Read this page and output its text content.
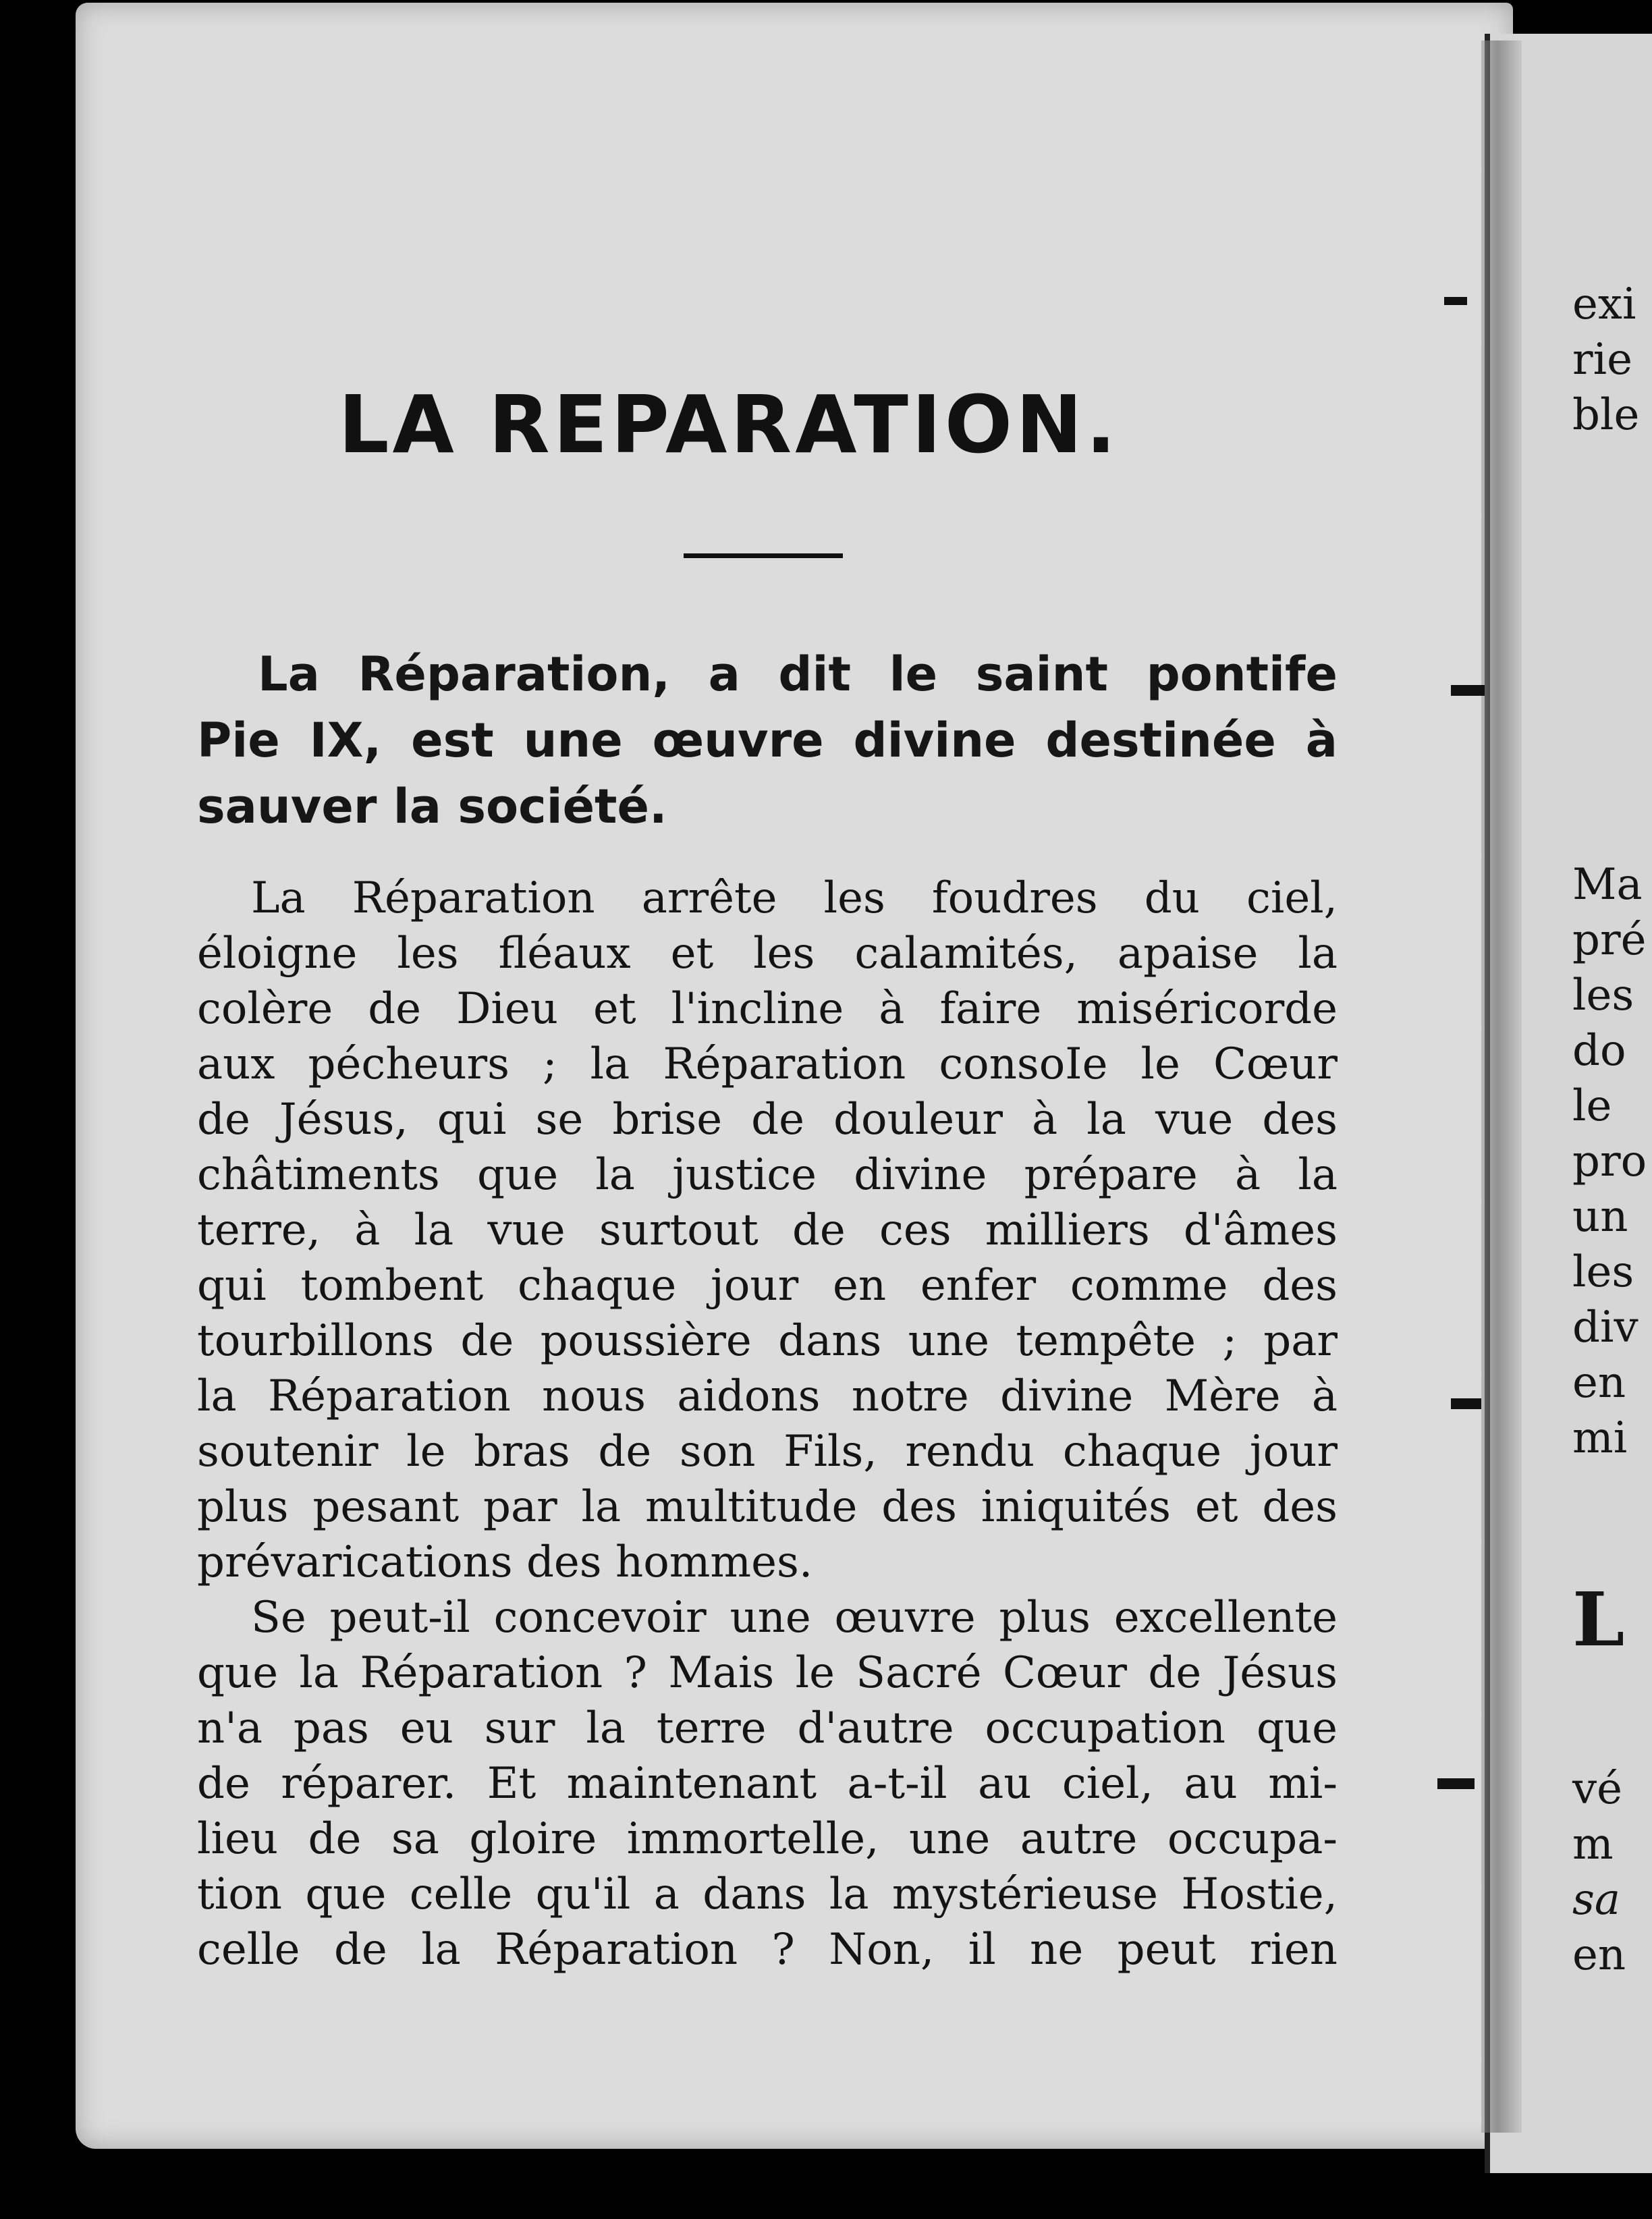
LA REPARATION.

La Réparation, a dit le saint pontife
Pie IX, est une œuvre divine destinée à
sauver la société.

La Réparation arrête les foudres du ciel,
éloigne les fléaux et les calamités, apaise la
colère de Dieu et l'incline à faire miséricorde
aux pécheurs ; la Réparation consoIe le Cœur
de Jésus, qui se brise de douleur à la vue des
châtiments que la justice divine prépare à la
terre, à la vue surtout de ces milliers d'âmes
qui tombent chaque jour en enfer comme des
tourbillons de poussière dans une tempête ; par
la Réparation nous aidons notre divine Mère à
soutenir le bras de son Fils, rendu chaque jour
plus pesant par la multitude des iniquités et des
prévarications des hommes.
Se peut-il concevoir une œuvre plus excellente
que la Réparation ? Mais le Sacré Cœur de Jésus
n'a pas eu sur la terre d'autre occupation que
de réparer. Et maintenant a-t-il au ciel, au mi-
lieu de sa gloire immortelle, une autre occupa-
tion que celle qu'il a dans la mystérieuse Hostie,
celle de la Réparation ? Non, il ne peut rien
exi
rie
ble
Ma
pré
les
do
le
pro
un
les
div
en
mi
L
vé
m
sa
en
